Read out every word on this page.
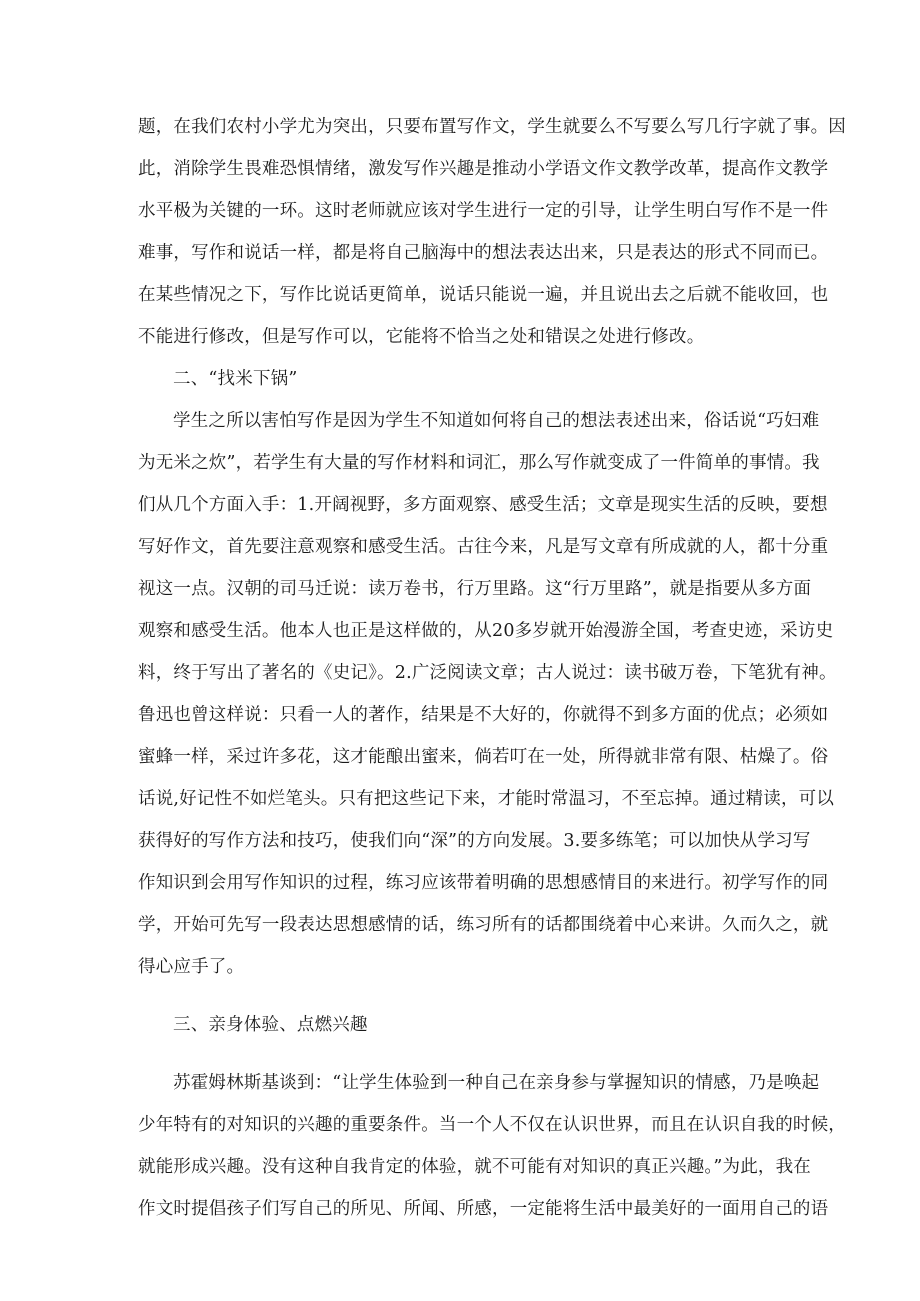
题，在我们农村小学尤为突出，只要布置写作文，学生就要么不写要么写几行字就了事。因
此，消除学生畏难恐惧情绪，激发写作兴趣是推动小学语文作文教学改革，提高作文教学
水平极为关键的一环。这时老师就应该对学生进行一定的引导，让学生明白写作不是一件
难事，写作和说话一样，都是将自己脑海中的想法表达出来，只是表达的形式不同而已。
在某些情况之下，写作比说话更简单，说话只能说一遍，并且说出去之后就不能收回，也
不能进行修改，但是写作可以，它能将不恰当之处和错误之处进行修改。
二、“找米下锅”
学生之所以害怕写作是因为学生不知道如何将自己的想法表述出来，俗话说“巧妇难
为无米之炊”，若学生有大量的写作材料和词汇，那么写作就变成了一件简单的事情。我
们从几个方面入手：1.开阔视野，多方面观察、感受生活；文章是现实生活的反映，要想
写好作文，首先要注意观察和感受生活。古往今来，凡是写文章有所成就的人，都十分重
视这一点。汉朝的司马迁说：读万卷书，行万里路。这“行万里路”，就是指要从多方面
观察和感受生活。他本人也正是这样做的，从20多岁就开始漫游全国，考查史迹，采访史
料，终于写出了著名的《史记》。2.广泛阅读文章；古人说过：读书破万卷，下笔犹有神。
鲁迅也曾这样说：只看一人的著作，结果是不大好的，你就得不到多方面的优点；必须如
蜜蜂一样，采过许多花，这才能酿出蜜来，倘若叮在一处，所得就非常有限、枯燥了。俗
话说,好记性不如烂笔头。只有把这些记下来，才能时常温习，不至忘掉。通过精读，可以
获得好的写作方法和技巧，使我们向“深”的方向发展。3.要多练笔；可以加快从学习写
作知识到会用写作知识的过程，练习应该带着明确的思想感情目的来进行。初学写作的同
学，开始可先写一段表达思想感情的话，练习所有的话都围绕着中心来讲。久而久之，就
得心应手了。
三、亲身体验、点燃兴趣
苏霍姆林斯基谈到：“让学生体验到一种自己在亲身参与掌握知识的情感，乃是唤起
少年特有的对知识的兴趣的重要条件。当一个人不仅在认识世界，而且在认识自我的时候，
就能形成兴趣。没有这种自我肯定的体验，就不可能有对知识的真正兴趣。”为此，我在
作文时提倡孩子们写自己的所见、所闻、所感，一定能将生活中最美好的一面用自己的语
